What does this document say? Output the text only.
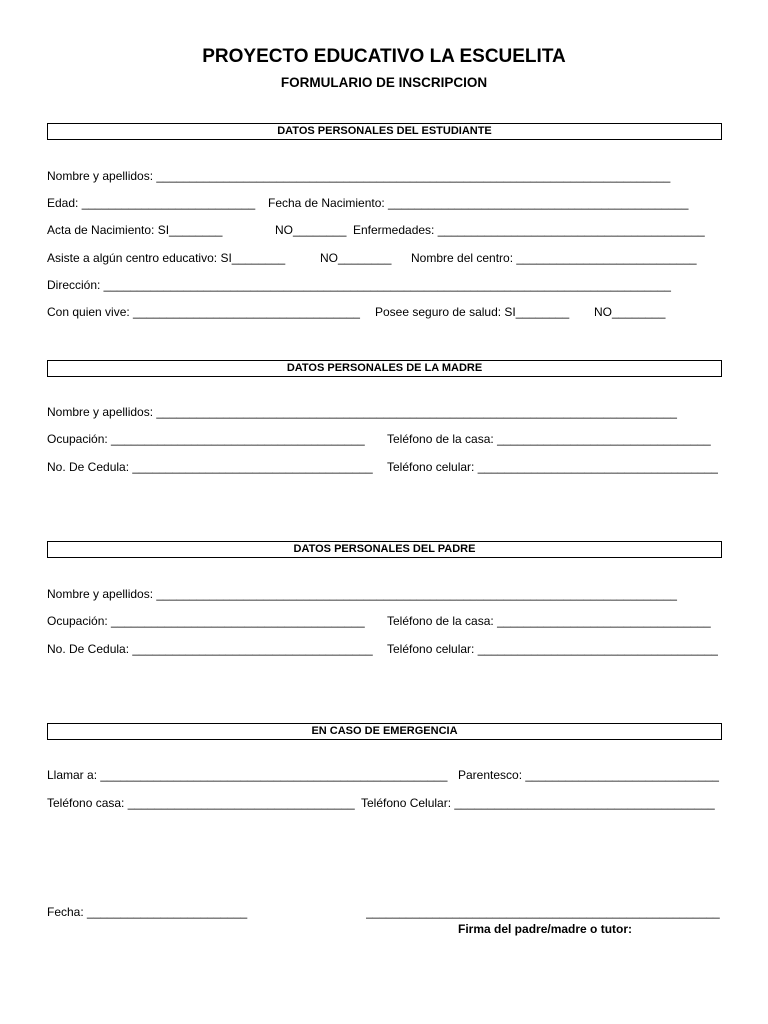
PROYECTO EDUCATIVO LA ESCUELITA
FORMULARIO DE INSCRIPCION
DATOS PERSONALES DEL ESTUDIANTE
Nombre y apellidos: _____________________________________________________________________________
Edad: __________________________	Fecha de Nacimiento: _____________________________________________
Acta de Nacimiento: SI________	NO________ Enfermedades: ________________________________________
Asiste a algún centro educativo: SI________	NO________	Nombre del centro: ___________________________
Dirección: _____________________________________________________________________________________
Con quien vive: __________________________________	Posee seguro de salud: SI________	NO________
DATOS PERSONALES DE LA MADRE
Nombre y apellidos: ______________________________________________________________________________
Ocupación: ______________________________________	Teléfono de la casa: ________________________________
No. De Cedula: ____________________________________	Teléfono celular: ____________________________________
DATOS PERSONALES DEL PADRE
Nombre y apellidos: ______________________________________________________________________________
Ocupación: ______________________________________	Teléfono de la casa: ________________________________
No. De Cedula: ____________________________________	Teléfono celular: ____________________________________
EN CASO DE EMERGENCIA
Llamar a: ____________________________________________________ Parentesco: _____________________________
Teléfono casa: __________________________________ Teléfono Celular: _______________________________________
Fecha: ________________________	_____________________________________________________
Firma del padre/madre o tutor:
